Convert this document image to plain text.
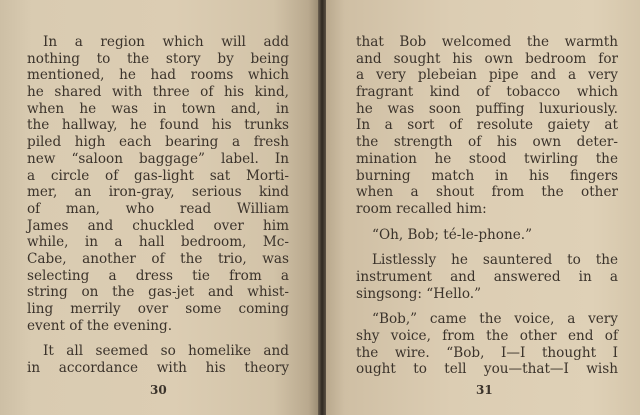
In a region which will add
nothing to the story by being
mentioned, he had rooms which
he shared with three of his kind,
when he was in town and, in
the hallway, he found his trunks
piled high each bearing a fresh
new “saloon baggage” label. In
a circle of gas-light sat Morti-
mer, an iron-gray, serious kind
of man, who read William
James and chuckled over him
while, in a hall bedroom, Mc-
Cabe, another of the trio, was
selecting a dress tie from a
string on the gas-jet and whist-
ling merrily over some coming
event of the evening.
It all seemed so homelike and
in accordance with his theory
30
that Bob welcomed the warmth
and sought his own bedroom for
a very plebeian pipe and a very
fragrant kind of tobacco which
he was soon puffing luxuriously.
In a sort of resolute gaiety at
the strength of his own deter-
mination he stood twirling the
burning match in his fingers
when a shout from the other
room recalled him:
“Oh, Bob; té-le-phone.”
Listlessly he sauntered to the
instrument and answered in a
singsong: “Hello.”
“Bob,” came the voice, a very
shy voice, from the other end of
the wire. “Bob, I—I thought I
ought to tell you—that—I wish
31
